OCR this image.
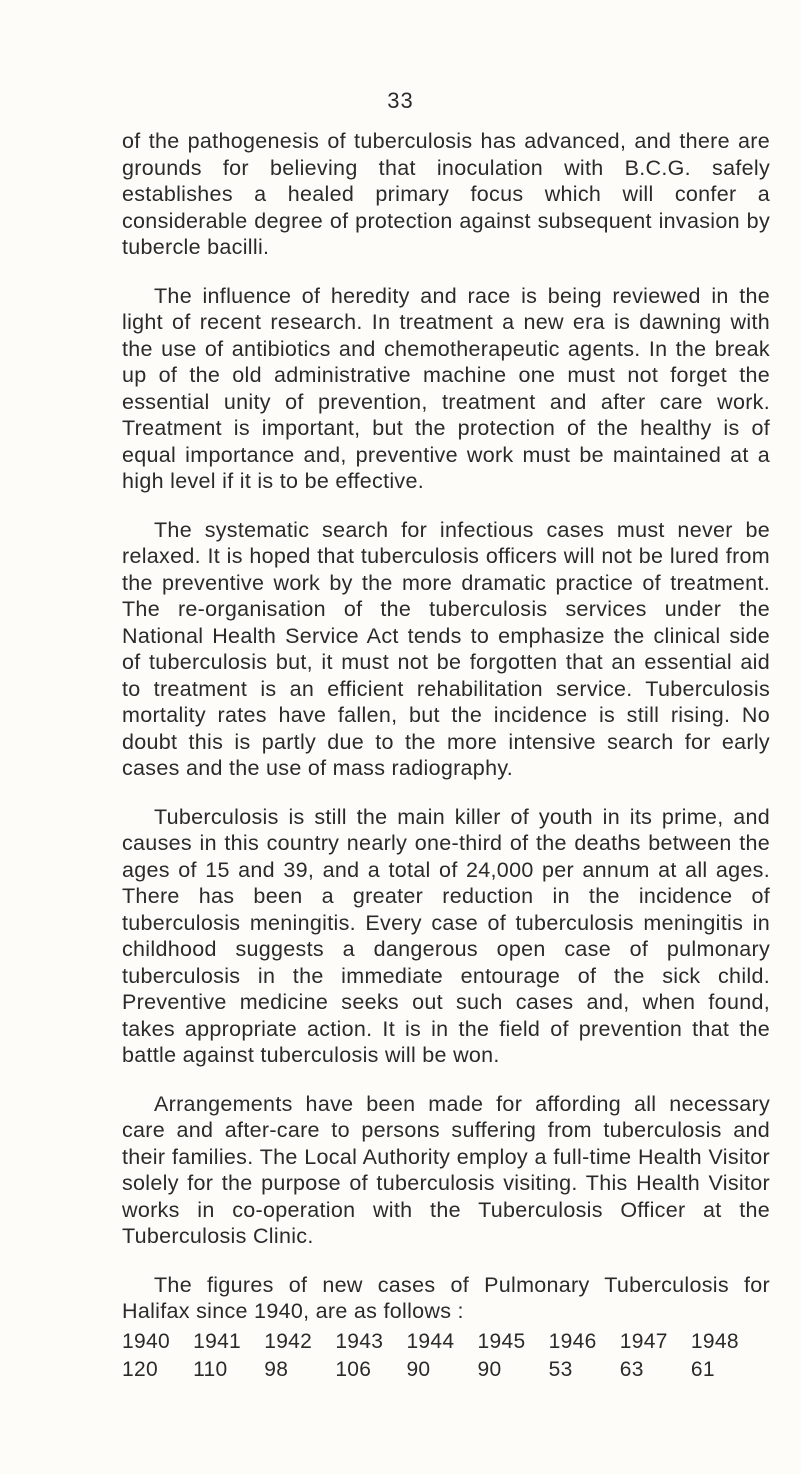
33

of the pathogenesis of tuberculosis has advanced, and there are grounds for believing that inoculation with B.C.G. safely establishes a healed primary focus which will confer a considerable degree of protection against subsequent invasion by tubercle bacilli.

The influence of heredity and race is being reviewed in the light of recent research. In treatment a new era is dawning with the use of antibiotics and chemotherapeutic agents. In the break up of the old administrative machine one must not forget the essential unity of prevention, treatment and after care work. Treatment is important, but the protection of the healthy is of equal importance and, preventive work must be maintained at a high level if it is to be effective.

The systematic search for infectious cases must never be relaxed. It is hoped that tuberculosis officers will not be lured from the preventive work by the more dramatic practice of treatment. The re-organisation of the tuberculosis services under the National Health Service Act tends to emphasize the clinical side of tuberculosis but, it must not be forgotten that an essential aid to treatment is an efficient rehabilitation service. Tuberculosis mortality rates have fallen, but the incidence is still rising. No doubt this is partly due to the more intensive search for early cases and the use of mass radiography.

Tuberculosis is still the main killer of youth in its prime, and causes in this country nearly one-third of the deaths between the ages of 15 and 39, and a total of 24,000 per annum at all ages. There has been a greater reduction in the incidence of tuberculosis meningitis. Every case of tuberculosis meningitis in childhood suggests a dangerous open case of pulmonary tuberculosis in the immediate entourage of the sick child. Preventive medicine seeks out such cases and, when found, takes appropriate action. It is in the field of prevention that the battle against tuberculosis will be won.

Arrangements have been made for affording all necessary care and after-care to persons suffering from tuberculosis and their families. The Local Authority employ a full-time Health Visitor solely for the purpose of tuberculosis visiting. This Health Visitor works in co-operation with the Tuberculosis Officer at the Tuberculosis Clinic.

The figures of new cases of Pulmonary Tuberculosis for Halifax since 1940, are as follows :

1940	1941	1942	1943	1944	1945	1946	1947	1948
120	110	98	106	90	90	53	63	61
